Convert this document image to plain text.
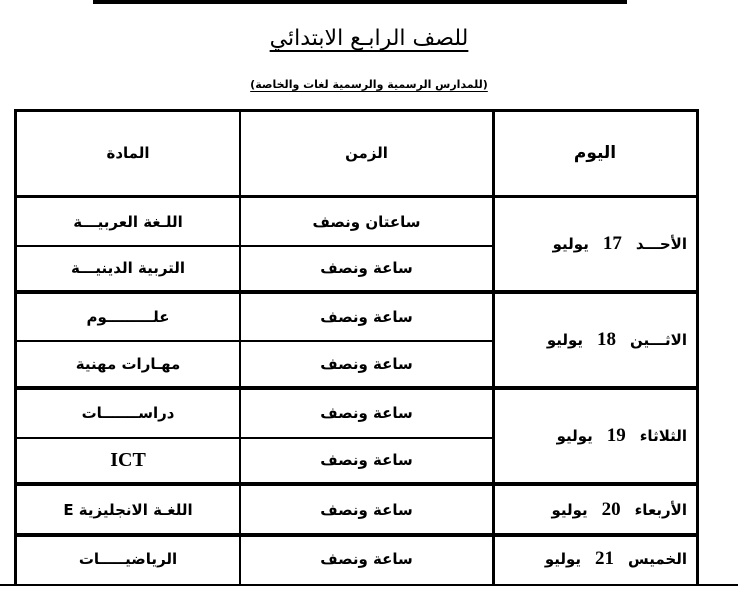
للصف الرابـع الابتدائي
(للمدارس الرسمية والرسمية لغات والخاصة)
المادة	الزمن	اليوم
الأحـــد
17
يوليو
ساعتان ونصف
اللـغة العربيـــة
ساعة ونصف
التربية الدينيـــة
الاثـــين
18
يوليو
ساعة ونصف
علـــــــــوم
ساعة ونصف
مهـارات مهنية
الثلاثاء
19
يوليو
ساعة ونصف
دراســـــــات
ساعة ونصف
ICT
الأربعاء
20
يوليو
ساعة ونصف
اللغـة الانجليزية E
الخميس
21
يوليو
ساعة ونصف
الرياضيـــــات
